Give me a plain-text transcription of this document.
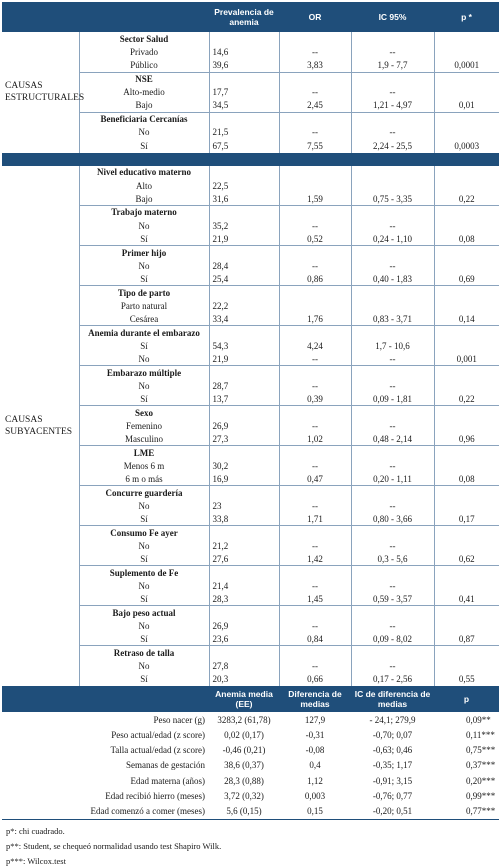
		Prevalencia de anemia	OR	IC 95%	p *
CAUSAS ESTRUCTURALES	Sector Salud				
	Privado	14,6	--	--	
	Público	39,6	3,83	1,9 - 7,7	0,0001
	NSE				
	Alto-medio	17,7	--	--	
	Bajo	34,5	2,45	1,21 - 4,97	0,01
	Beneficiaria Cercanías				
	No	21,5	--	--	
	Sí	67,5	7,55	2,24 - 25,5	0,0003

CAUSAS SUBYACENTES	Nivel educativo materno				
	Alto	22,5			
	Bajo	31,6	1,59	0,75 - 3,35	0,22
	Trabajo materno				
	No	35,2	--	--	
	Sí	21,9	0,52	0,24 - 1,10	0,08
	Primer hijo				
	No	28,4	--	--	
	Sí	25,4	0,86	0,40 - 1,83	0,69
	Tipo de parto				
	Parto natural	22,2			
	Cesárea	33,4	1,76	0,83 - 3,71	0,14
	Anemia durante el embarazo				
	Sí	54,3	4,24	1,7 - 10,6	
	No	21,9	--	--	0,001
	Embarazo múltiple				
	No	28,7	--	--	
	Sí	13,7	0,39	0,09 - 1,81	0,22
	Sexo				
	Femenino	26,9	--	--	
	Masculino	27,3	1,02	0,48 - 2,14	0,96
	LME				
	Menos 6 m	30,2	--	--	
	6 m o más	16,9	0,47	0,20 - 1,11	0,08
	Concurre guardería				
	No	23	--	--	
	Sí	33,8	1,71	0,80 - 3,66	0,17
	Consumo Fe ayer				
	No	21,2	--	--	
	Sí	27,6	1,42	0,3 - 5,6	0,62
	Suplemento de Fe				
	No	21,4	--	--	
	Sí	28,3	1,45	0,59 - 3,57	0,41
	Bajo peso actual				
	No	26,9	--	--	
	Sí	23,6	0,84	0,09 - 8,02	0,87
	Retraso de talla				
	No	27,8	--	--	
	Sí	20,3	0,66	0,17 - 2,56	0,55
		Anemia media (EE)	Diferencia de medias	IC de diferencia de medias	p
Peso nacer (g)		3283,2 (61,78)	127,9	- 24,1; 279,9	0,09**
Peso actual/edad (z score)		0,02 (0,17)	-0,31	-0,70; 0,07	0,11***
Talla actual/edad (z score)		-0,46 (0,21)	-0,08	-0,63; 0,46	0,75***
Semanas de gestación		38,6 (0,37)	0,4	-0,35; 1,17	0,37***
Edad materna (años)		28,3 (0,88)	1,12	-0,91; 3,15	0,20***
Edad recibió hierro (meses)		3,72 (0,32)	0,003	-0,76; 0,77	0,99***
Edad comenzó a comer (meses)		5,6 (0,15)	0,15	-0,20; 0,51	0,77***
p*: chi cuadrado.
p**: Student, se chequeó normalidad usando test Shapiro Wilk.
p***: Wilcox.test
